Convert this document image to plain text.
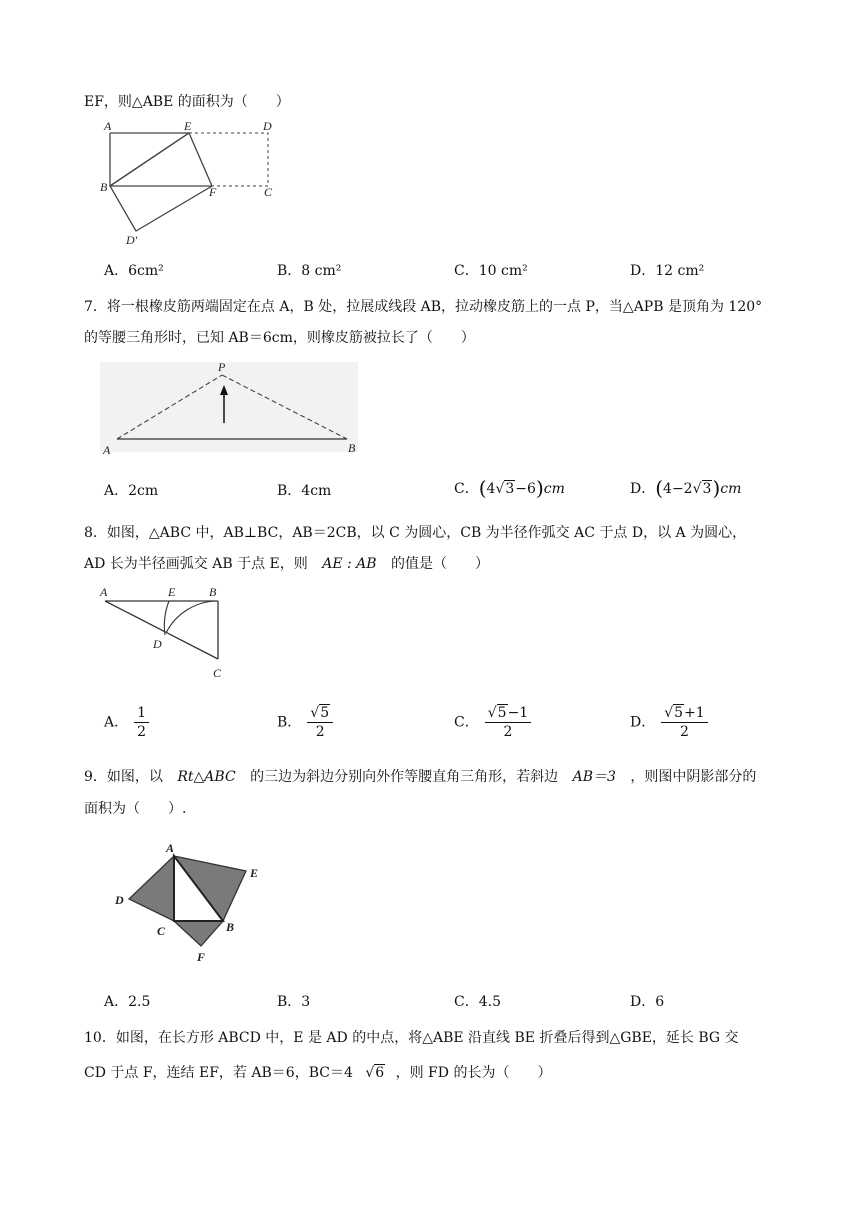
EF，则△ABE 的面积为（　　）
A	E	D
B	F	C
D'
A．6cm²	B．8 cm²	C．10 cm²	D．12 cm²
7．将一根橡皮筋两端固定在点 A，B 处，拉展成线段 AB，拉动橡皮筋上的一点 P，当△APB 是顶角为 120°
的等腰三角形时，已知 AB＝6cm，则橡皮筋被拉长了（　　）
P
A	B
A．2cm	B．4cm	C．(4√3−6)cm	D．(4−2√3)cm
8．如图，△ABC 中，AB⊥BC，AB＝2CB，以 C 为圆心，CB 为半径作弧交 AC 于点 D，以 A 为圆心，
AD 长为半径画弧交 AB 于点 E，则 AE : AB 的值是（　　）
A	E	B
D
C
A． $\frac{1}{2}$	B． $\frac{√5}{2}$	C． $\frac{√5-1}{2}$	D． $\frac{√5+1}{2}$
9．如图，以 Rt△ABC 的三边为斜边分别向外作等腰直角三角形，若斜边 AB＝3 ，则图中阴影部分的
面积为（　　）.
A
E
D
C	B
F
A．2.5	B．3	C．4.5	D．6
10．如图，在长方形 ABCD 中，E 是 AD 的中点，将△ABE 沿直线 BE 折叠后得到△GBE，延长 BG 交
CD 于点 F，连结 EF，若 AB＝6，BC＝4 √6 ，则 FD 的长为（　　）
